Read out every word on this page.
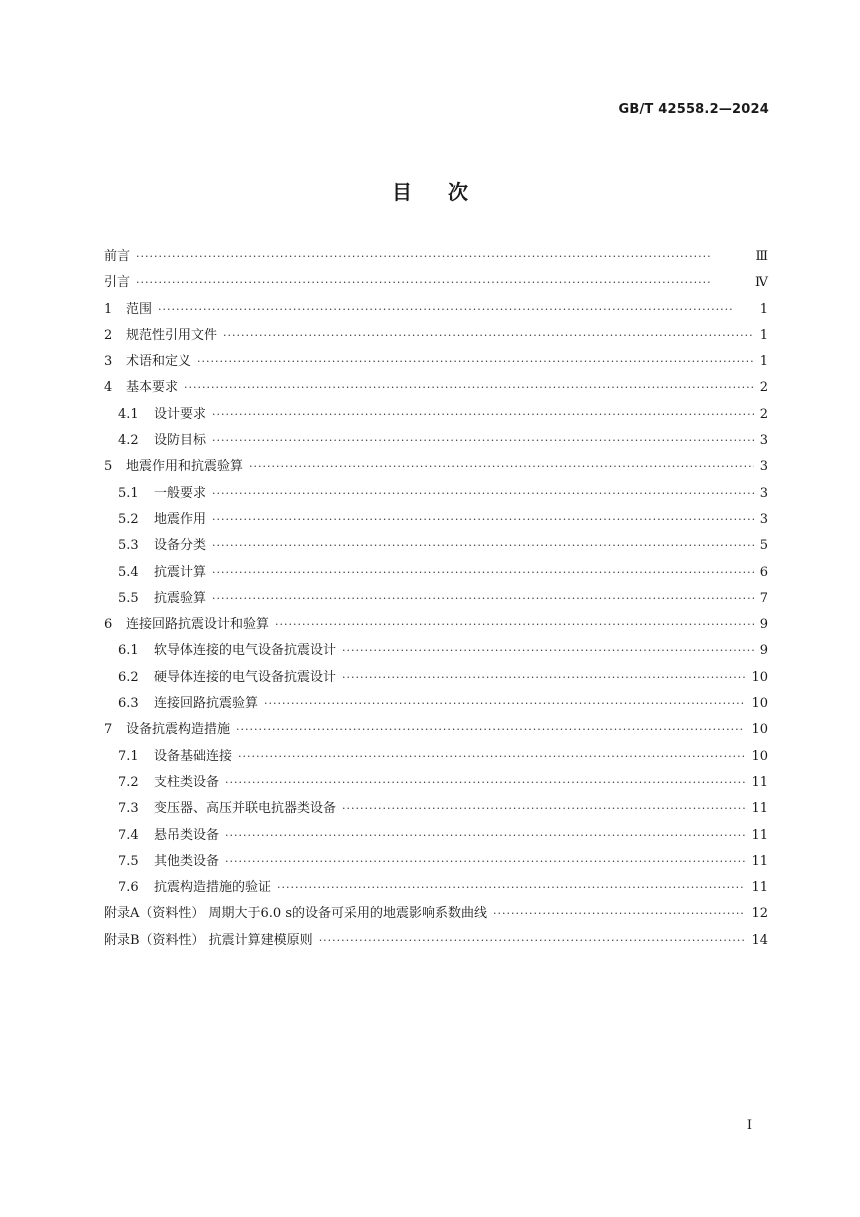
GB/T 42558.2—2024
目 次
前言 ·····	Ⅲ
引言 ·····	Ⅳ
1	范围 ·····	1
2	规范性引用文件 ·····	1
3	术语和定义 ·····	1
4	基本要求 ·····	2
4.1	设计要求 ·····	2
4.2	设防目标 ·····	3
5	地震作用和抗震验算 ·····	3
5.1	一般要求 ·····	3
5.2	地震作用 ·····	3
5.3	设备分类 ·····	5
5.4	抗震计算 ·····	6
5.5	抗震验算 ·····	7
6	连接回路抗震设计和验算 ·····	9
6.1	软导体连接的电气设备抗震设计 ·····	9
6.2	硬导体连接的电气设备抗震设计 ·····	10
6.3	连接回路抗震验算 ·····	10
7	设备抗震构造措施 ·····	10
7.1	设备基础连接 ·····	10
7.2	支柱类设备 ·····	11
7.3	变压器、高压并联电抗器类设备 ·····	11
7.4	悬吊类设备 ·····	11
7.5	其他类设备 ·····	11
7.6	抗震构造措施的验证 ·····	11
附录A（资料性） 周期大于6.0 s的设备可采用的地震影响系数曲线 ·····	12
附录B（资料性） 抗震计算建模原则 ·····	14
I
